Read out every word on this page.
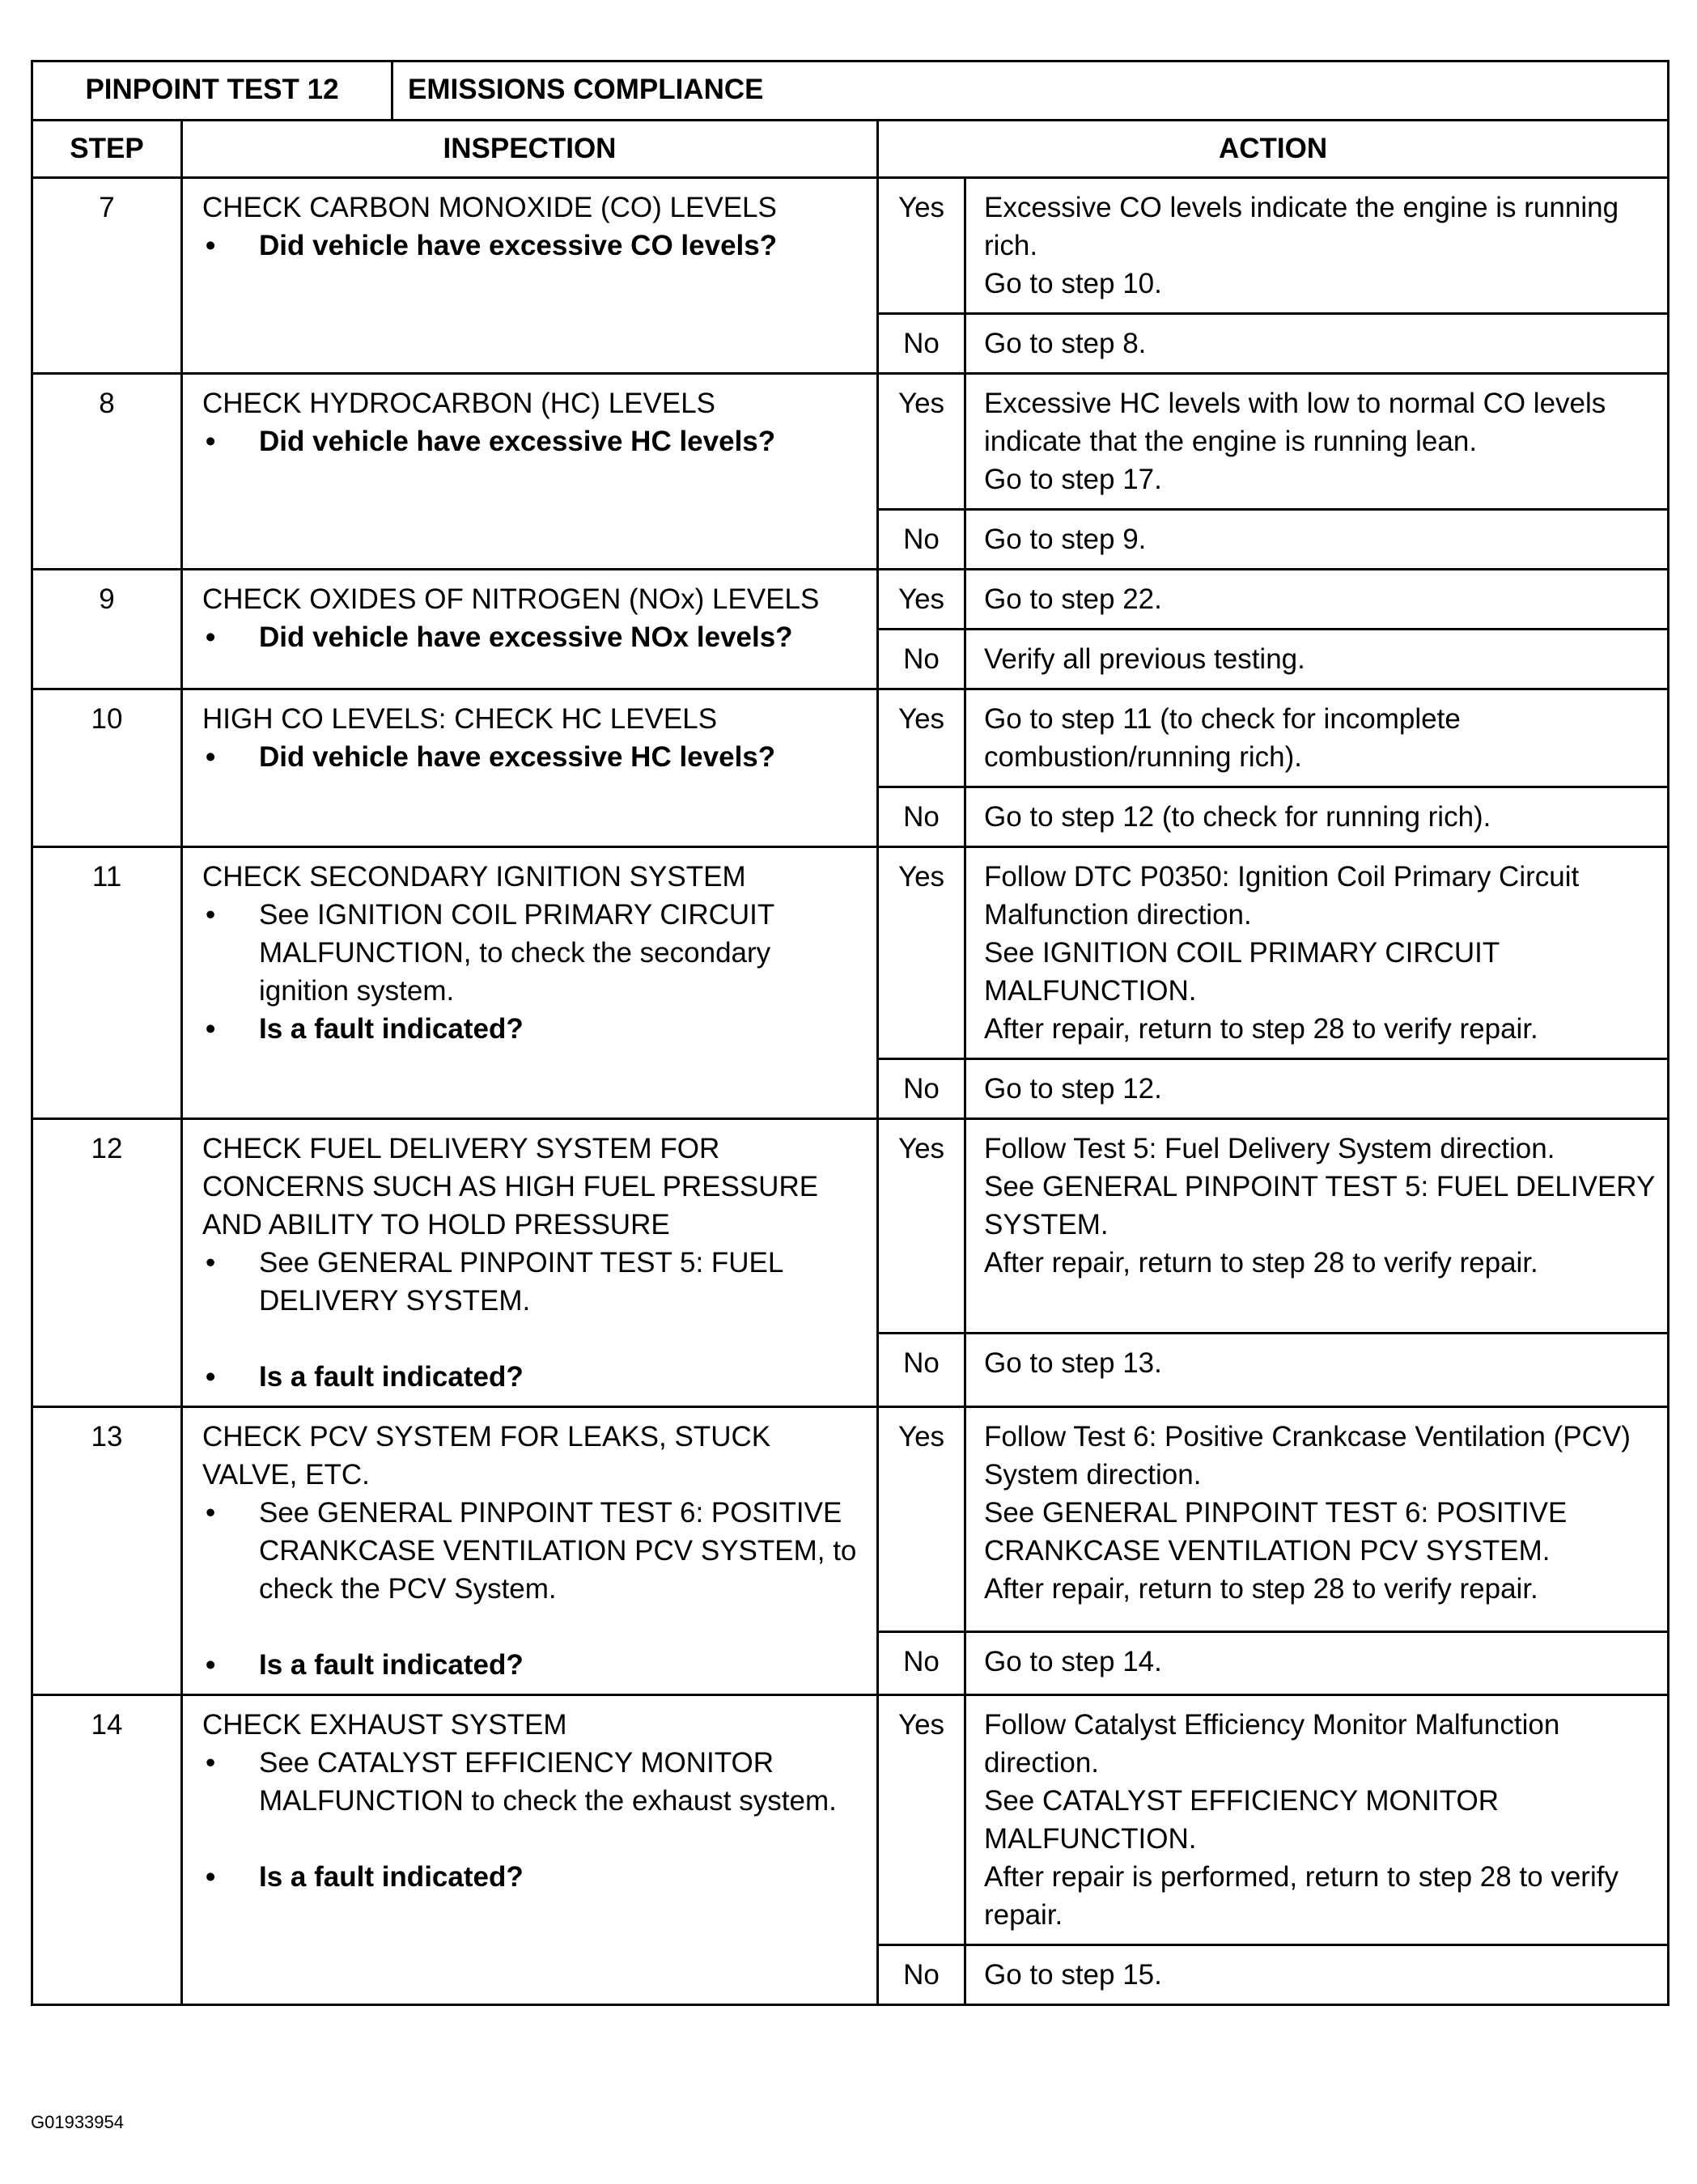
PINPOINT TEST 12		EMISSIONS COMPLIANCE		
STEP	INSPECTION		ACTION	
7	CHECK CARBON MONOXIDE (CO) LEVELS
• Did vehicle have excessive CO levels?		Yes	Excessive CO levels indicate the engine is running rich.
Go to step 10.

			No	Go to step 8.

8	CHECK HYDROCARBON (HC) LEVELS
• Did vehicle have excessive HC levels?		Yes	Excessive HC levels with low to normal CO levels indicate that the engine is running lean.
Go to step 17.

			No	Go to step 9.

9	CHECK OXIDES OF NITROGEN (NOx) LEVELS
• Did vehicle have excessive NOx levels?		Yes	Go to step 22.

			No	Verify all previous testing.

10	HIGH CO LEVELS: CHECK HC LEVELS
• Did vehicle have excessive HC levels?		Yes	Go to step 11 (to check for incomplete combustion/running rich).

			No	Go to step 12 (to check for running rich).

11	CHECK SECONDARY IGNITION SYSTEM
• See IGNITION COIL PRIMARY CIRCUIT MALFUNCTION, to check the secondary ignition system.
• Is a fault indicated?		Yes	Follow DTC P0350: Ignition Coil Primary Circuit Malfunction direction.
See IGNITION COIL PRIMARY CIRCUIT MALFUNCTION.
After repair, return to step 28 to verify repair.

			No	Go to step 12.

12	CHECK FUEL DELIVERY SYSTEM FOR CONCERNS SUCH AS HIGH FUEL PRESSURE AND ABILITY TO HOLD PRESSURE
• See GENERAL PINPOINT TEST 5: FUEL DELIVERY SYSTEM.
• Is a fault indicated?		Yes	Follow Test 5: Fuel Delivery System direction.
See GENERAL PINPOINT TEST 5: FUEL DELIVERY SYSTEM.
After repair, return to step 28 to verify repair.

			No	Go to step 13.

13	CHECK PCV SYSTEM FOR LEAKS, STUCK VALVE, ETC.
• See GENERAL PINPOINT TEST 6: POSITIVE CRANKCASE VENTILATION PCV SYSTEM, to check the PCV System.
• Is a fault indicated?		Yes	Follow Test 6: Positive Crankcase Ventilation (PCV) System direction.
See GENERAL PINPOINT TEST 6: POSITIVE CRANKCASE VENTILATION PCV SYSTEM.
After repair, return to step 28 to verify repair.

			No	Go to step 14.

14	CHECK EXHAUST SYSTEM
• See CATALYST EFFICIENCY MONITOR MALFUNCTION to check the exhaust system.
• Is a fault indicated?		Yes	Follow Catalyst Efficiency Monitor Malfunction direction.
See CATALYST EFFICIENCY MONITOR MALFUNCTION.
After repair is performed, return to step 28 to verify repair.

			No	Go to step 15.
G01933954
